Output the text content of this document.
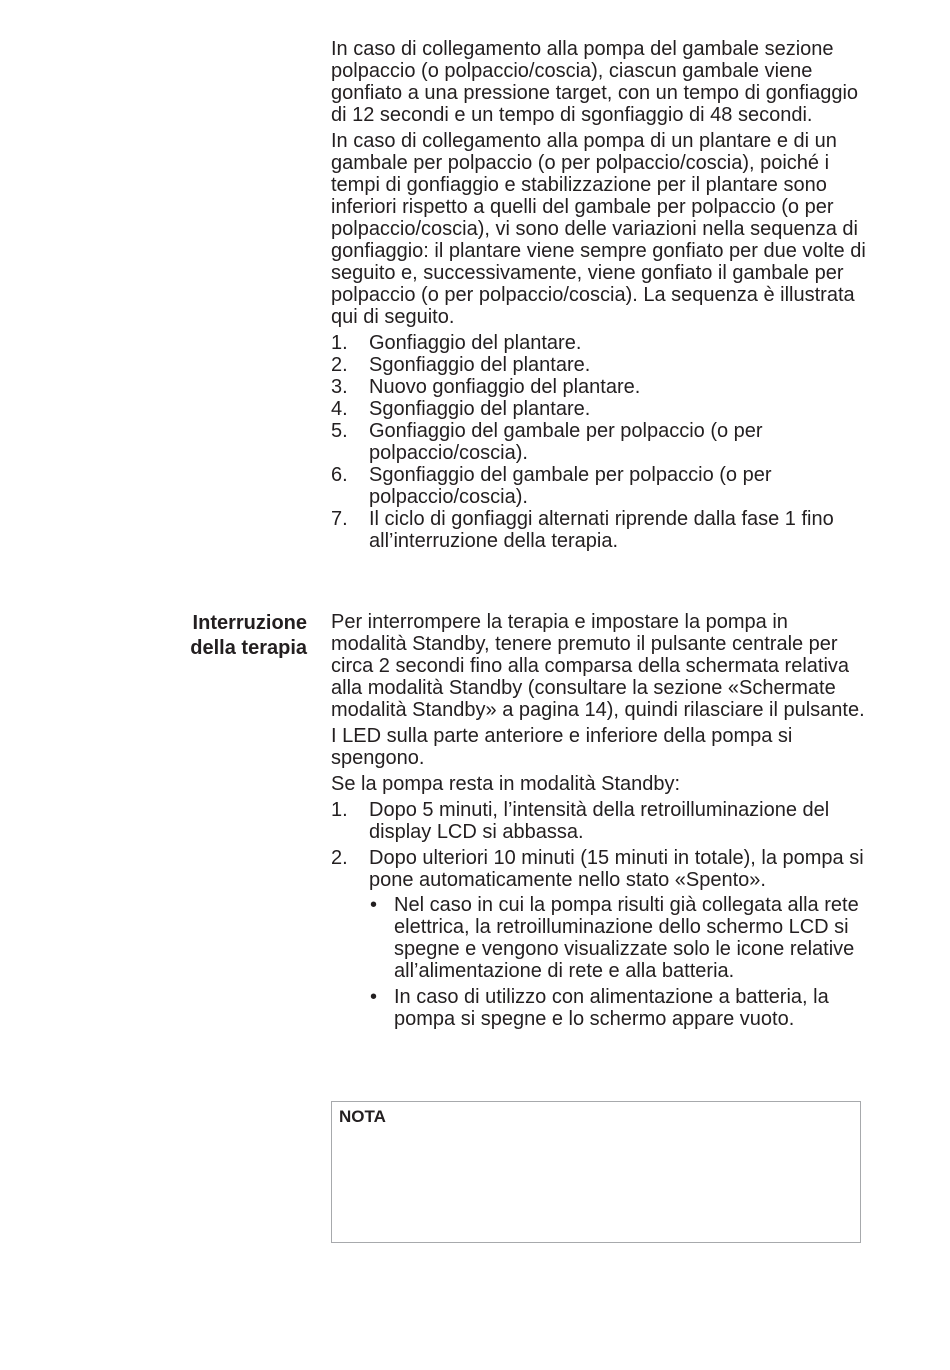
In caso di collegamento alla pompa del gambale sezione polpaccio (o polpaccio/coscia), ciascun gambale viene gonfiato a una pressione target, con un tempo di gonfiaggio di 12 secondi e un tempo di sgonfiaggio di 48 secondi.

In caso di collegamento alla pompa di un plantare e di un gambale per polpaccio (o per polpaccio/coscia), poiché i tempi di gonfiaggio e stabilizzazione per il plantare sono inferiori rispetto a quelli del gambale per polpaccio (o per polpaccio/coscia), vi sono delle variazioni nella sequenza di gonfiaggio: il plantare viene sempre gonfiato per due volte di seguito e, successivamente, viene gonfiato il gambale per polpaccio (o per polpaccio/coscia). La sequenza è illustrata qui di seguito.

1. Gonfiaggio del plantare.
2. Sgonfiaggio del plantare.
3. Nuovo gonfiaggio del plantare.
4. Sgonfiaggio del plantare.
5. Gonfiaggio del gambale per polpaccio (o per polpaccio/coscia).
6. Sgonfiaggio del gambale per polpaccio (o per polpaccio/coscia).
7. Il ciclo di gonfiaggi alternati riprende dalla fase 1 fino all’interruzione della terapia.
Interruzione
della terapia

Per interrompere la terapia e impostare la pompa in modalità Standby, tenere premuto il pulsante centrale per circa 2 secondi fino alla comparsa della schermata relativa alla modalità Standby (consultare la sezione «Schermate modalità Standby» a pagina 14), quindi rilasciare il pulsante.

I LED sulla parte anteriore e inferiore della pompa si spengono.

Se la pompa resta in modalità Standby:

1. Dopo 5 minuti, l’intensità della retroilluminazione del display LCD si abbassa.
2. Dopo ulteriori 10 minuti (15 minuti in totale), la pompa si pone automaticamente nello stato «Spento».
• Nel caso in cui la pompa risulti già collegata alla rete elettrica, la retroilluminazione dello schermo LCD si spegne e vengono visualizzate solo le icone relative all’alimentazione di rete e alla batteria.
• In caso di utilizzo con alimentazione a batteria, la pompa si spegne e lo schermo appare vuoto.
NOTA
